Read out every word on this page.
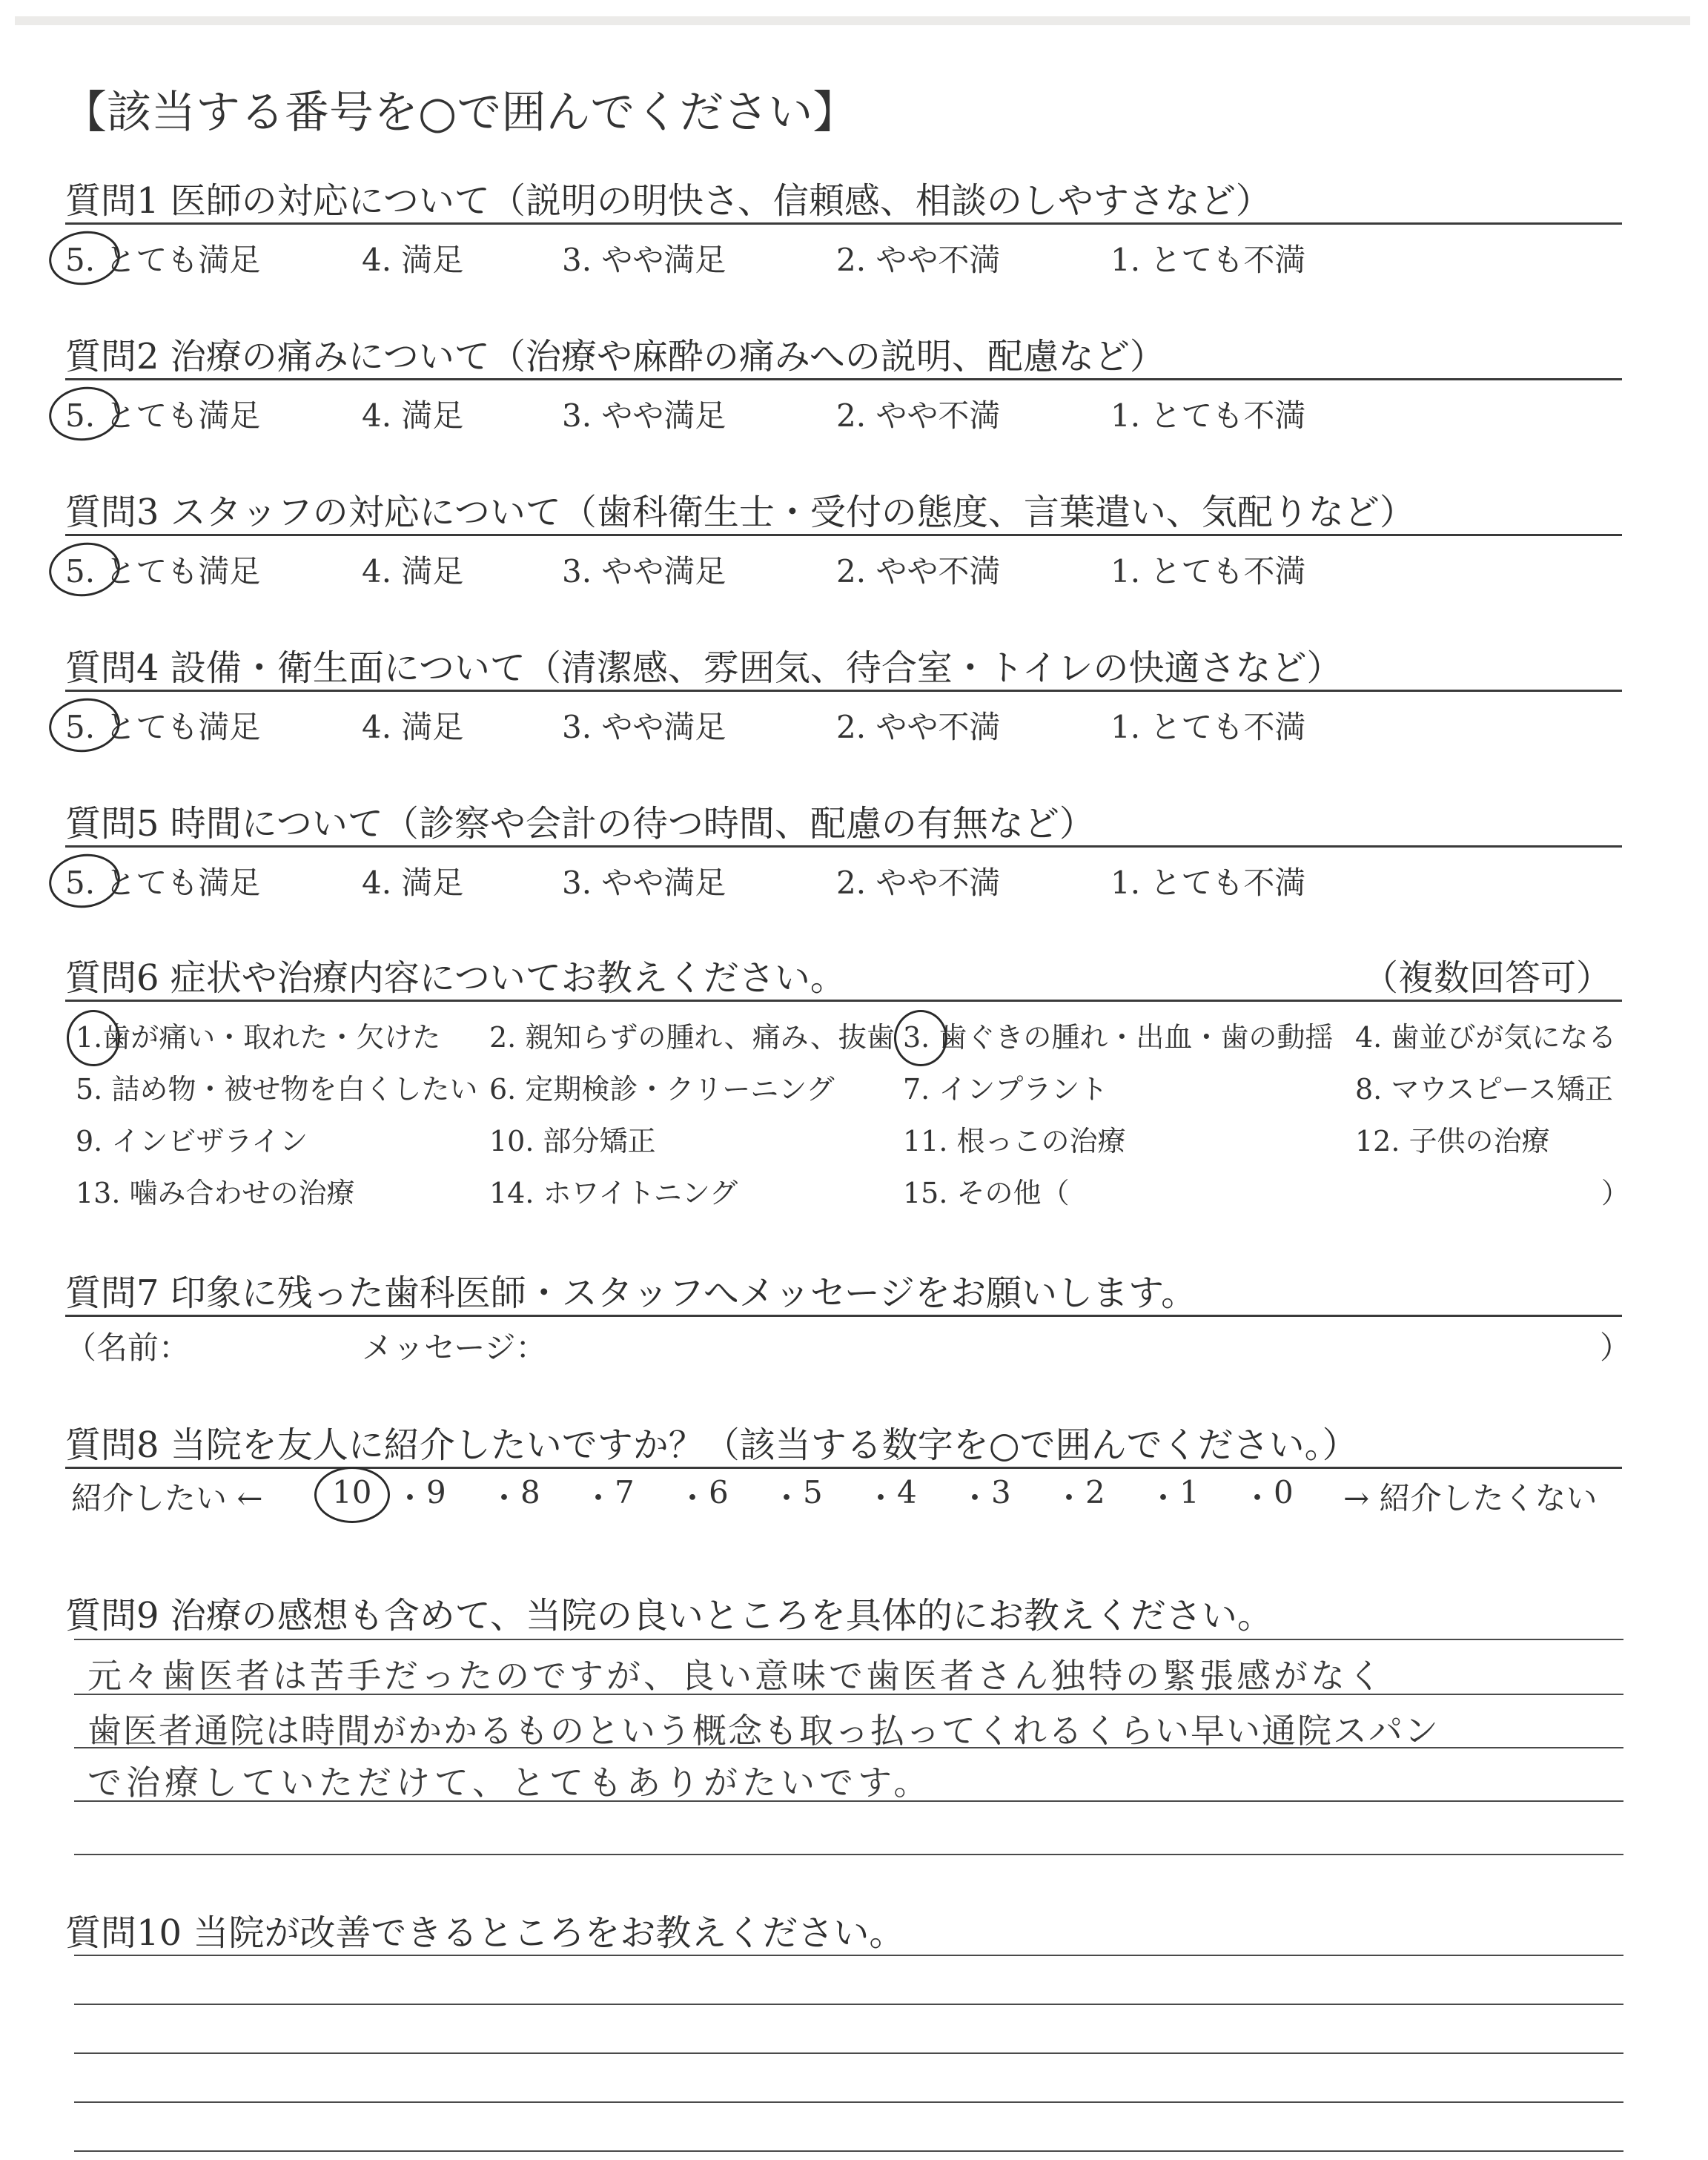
【該当する番号を○で囲んでください】
質問1 医師の対応について（説明の明快さ、信頼感、相談のしやすさなど）
5. とても満足	4. 満足	3. やや満足	2. やや不満	1. とても不満
質問2 治療の痛みについて（治療や麻酔の痛みへの説明、配慮など）
5. とても満足	4. 満足	3. やや満足	2. やや不満	1. とても不満
質問3 スタッフの対応について（歯科衛生士・受付の態度、言葉遣い、気配りなど）
5. とても満足	4. 満足	3. やや満足	2. やや不満	1. とても不満
質問4 設備・衛生面について（清潔感、雰囲気、待合室・トイレの快適さなど）
5. とても満足	4. 満足	3. やや満足	2. やや不満	1. とても不満
質問5 時間について（診察や会計の待つ時間、配慮の有無など）
5. とても満足	4. 満足	3. やや満足	2. やや不満	1. とても不満
質問6 症状や治療内容についてお教えください。	（複数回答可）
1.歯が痛い・取れた・欠けた 2. 親知らずの腫れ、痛み、抜歯 3. 歯ぐきの腫れ・出血・歯の動揺 4. 歯並びが気になる
5. 詰め物・被せ物を白くしたい 6. 定期検診・クリーニング 7. インプラント	8. マウスピース矯正
9. インビザライン	10. 部分矯正	11. 根っこの治療	12. 子供の治療
13. 噛み合わせの治療	14. ホワイトニング	15. その他（	）
質問7 印象に残った歯科医師・スタッフへメッセージをお願いします。
（名前：	メッセージ：	）
質問8 当院を友人に紹介したいですか？（該当する数字を○で囲んでください。）
紹介したい ← 10 ・ 9 ・ 8 ・ 7 ・ 6 ・ 5 ・ 4 ・ 3 ・ 2 ・ 1 ・ 0 → 紹介したくない
質問9 治療の感想も含めて、当院の良いところを具体的にお教えください。
元々歯医者は苦手だったのですが、良い意味で歯医者さん独特の緊張感がなく
歯医者通院は時間がかかるものという概念も取っ払ってくれるくらい早い通院スパン
で治療していただけて、とてもありがたいです。
質問10 当院が改善できるところをお教えください。
